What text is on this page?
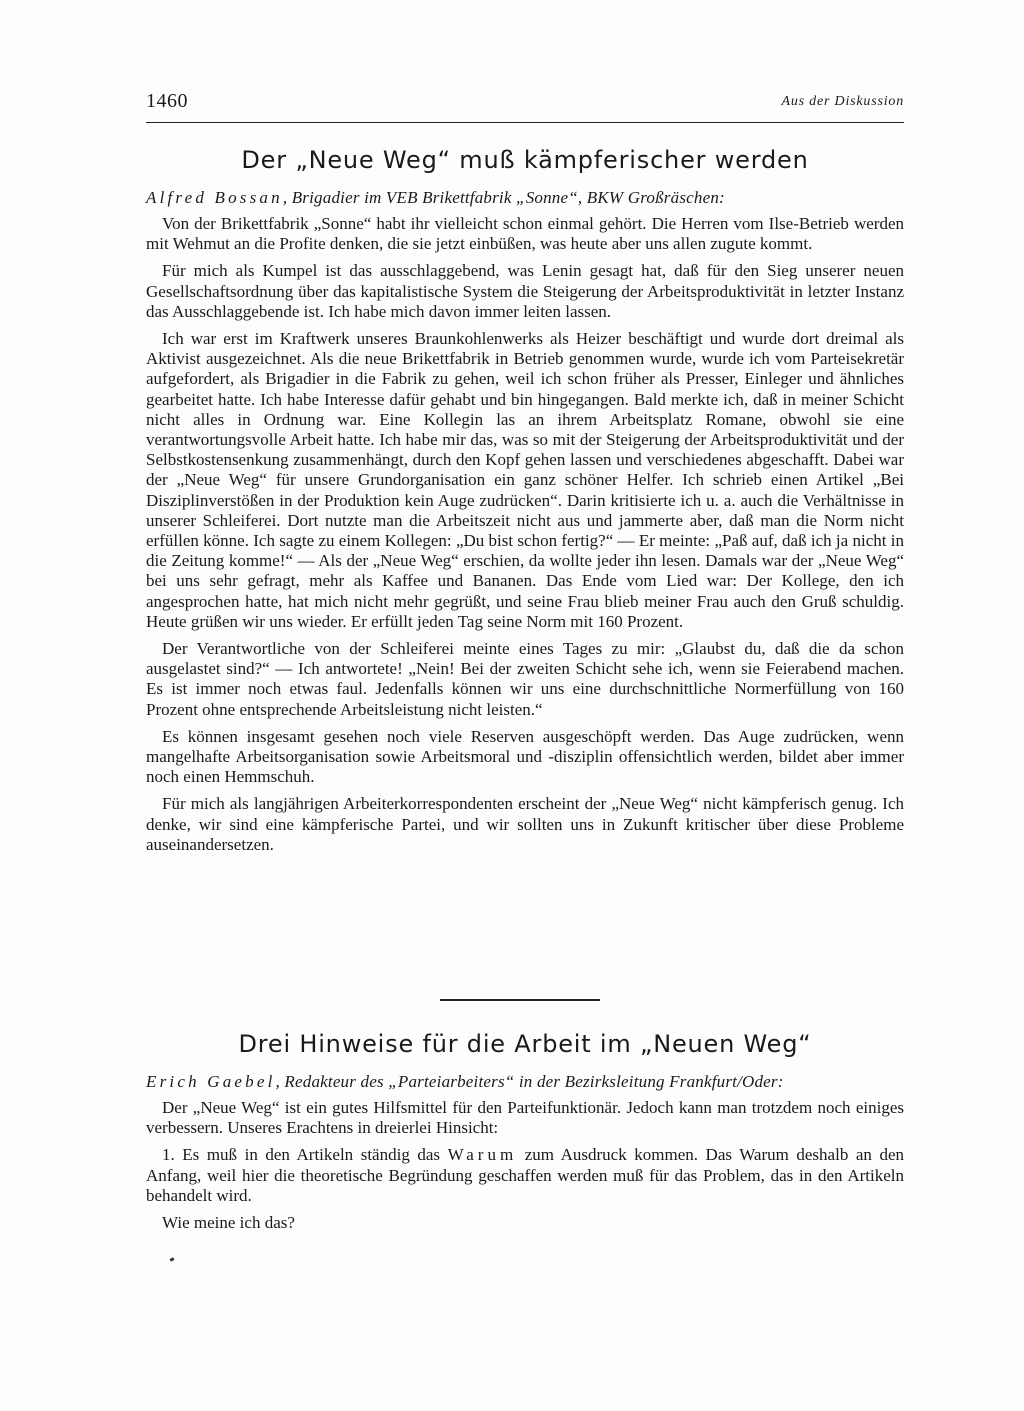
1460	Aus der Diskussion
Der „Neue Weg“ muß kämpferischer werden
Alfred Bossan, Brigadier im VEB Brikettfabrik „Sonne“, BKW Großräschen:

Von der Brikettfabrik „Sonne“ habt ihr vielleicht schon einmal gehört. Die Herren vom Ilse-Betrieb werden mit Wehmut an die Profite denken, die sie jetzt einbüßen, was heute aber uns allen zugute kommt.

Für mich als Kumpel ist das ausschlaggebend, was Lenin gesagt hat, daß für den Sieg unserer neuen Gesellschaftsordnung über das kapitalistische System die Steigerung der Arbeitsproduktivität in letzter Instanz das Ausschlaggebende ist. Ich habe mich davon immer leiten lassen.

Ich war erst im Kraftwerk unseres Braunkohlenwerks als Heizer beschäftigt und wurde dort dreimal als Aktivist ausgezeichnet. Als die neue Brikettfabrik in Betrieb genommen wurde, wurde ich vom Parteisekretär aufgefordert, als Brigadier in die Fabrik zu gehen, weil ich schon früher als Presser, Einleger und ähnliches gearbeitet hatte. Ich habe Interesse dafür gehabt und bin hingegangen. Bald merkte ich, daß in meiner Schicht nicht alles in Ordnung war. Eine Kollegin las an ihrem Arbeitsplatz Romane, obwohl sie eine verantwortungsvolle Arbeit hatte. Ich habe mir das, was so mit der Steigerung der Arbeitsproduktivität und der Selbstkostensenkung zusammenhängt, durch den Kopf gehen lassen und verschiedenes abgeschafft. Dabei war der „Neue Weg“ für unsere Grundorganisation ein ganz schöner Helfer. Ich schrieb einen Artikel „Bei Disziplinverstößen in der Produktion kein Auge zudrücken“. Darin kritisierte ich u. a. auch die Verhältnisse in unserer Schleiferei. Dort nutzte man die Arbeitszeit nicht aus und jammerte aber, daß man die Norm nicht erfüllen könne. Ich sagte zu einem Kollegen: „Du bist schon fertig?“ — Er meinte: „Paß auf, daß ich ja nicht in die Zeitung komme!“ — Als der „Neue Weg“ erschien, da wollte jeder ihn lesen. Damals war der „Neue Weg“ bei uns sehr gefragt, mehr als Kaffee und Bananen. Das Ende vom Lied war: Der Kollege, den ich angesprochen hatte, hat mich nicht mehr gegrüßt, und seine Frau blieb meiner Frau auch den Gruß schuldig. Heute grüßen wir uns wieder. Er erfüllt jeden Tag seine Norm mit 160 Prozent.

Der Verantwortliche von der Schleiferei meinte eines Tages zu mir: „Glaubst du, daß die da schon ausgelastet sind?“ — Ich antwortete! „Nein! Bei der zweiten Schicht sehe ich, wenn sie Feierabend machen. Es ist immer noch etwas faul. Jedenfalls können wir uns eine durchschnittliche Normerfüllung von 160 Prozent ohne entsprechende Arbeitsleistung nicht leisten.“

Es können insgesamt gesehen noch viele Reserven ausgeschöpft werden. Das Auge zudrücken, wenn mangelhafte Arbeitsorganisation sowie Arbeitsmoral und -disziplin offensichtlich werden, bildet aber immer noch einen Hemmschuh.

Für mich als langjährigen Arbeiterkorrespondenten erscheint der „Neue Weg“ nicht kämpferisch genug. Ich denke, wir sind eine kämpferische Partei, und wir sollten uns in Zukunft kritischer über diese Probleme auseinandersetzen.

Drei Hinweise für die Arbeit im „Neuen Weg“
Erich Gaebel, Redakteur des „Parteiarbeiters“ in der Bezirksleitung Frankfurt/Oder:

Der „Neue Weg“ ist ein gutes Hilfsmittel für den Parteifunktionär. Jedoch kann man trotzdem noch einiges verbessern. Unseres Erachtens in dreierlei Hinsicht:

1. Es muß in den Artikeln ständig das Warum zum Ausdruck kommen. Das Warum deshalb an den Anfang, weil hier die theoretische Begründung geschaffen werden muß für das Problem, das in den Artikeln behandelt wird.

Wie meine ich das?
